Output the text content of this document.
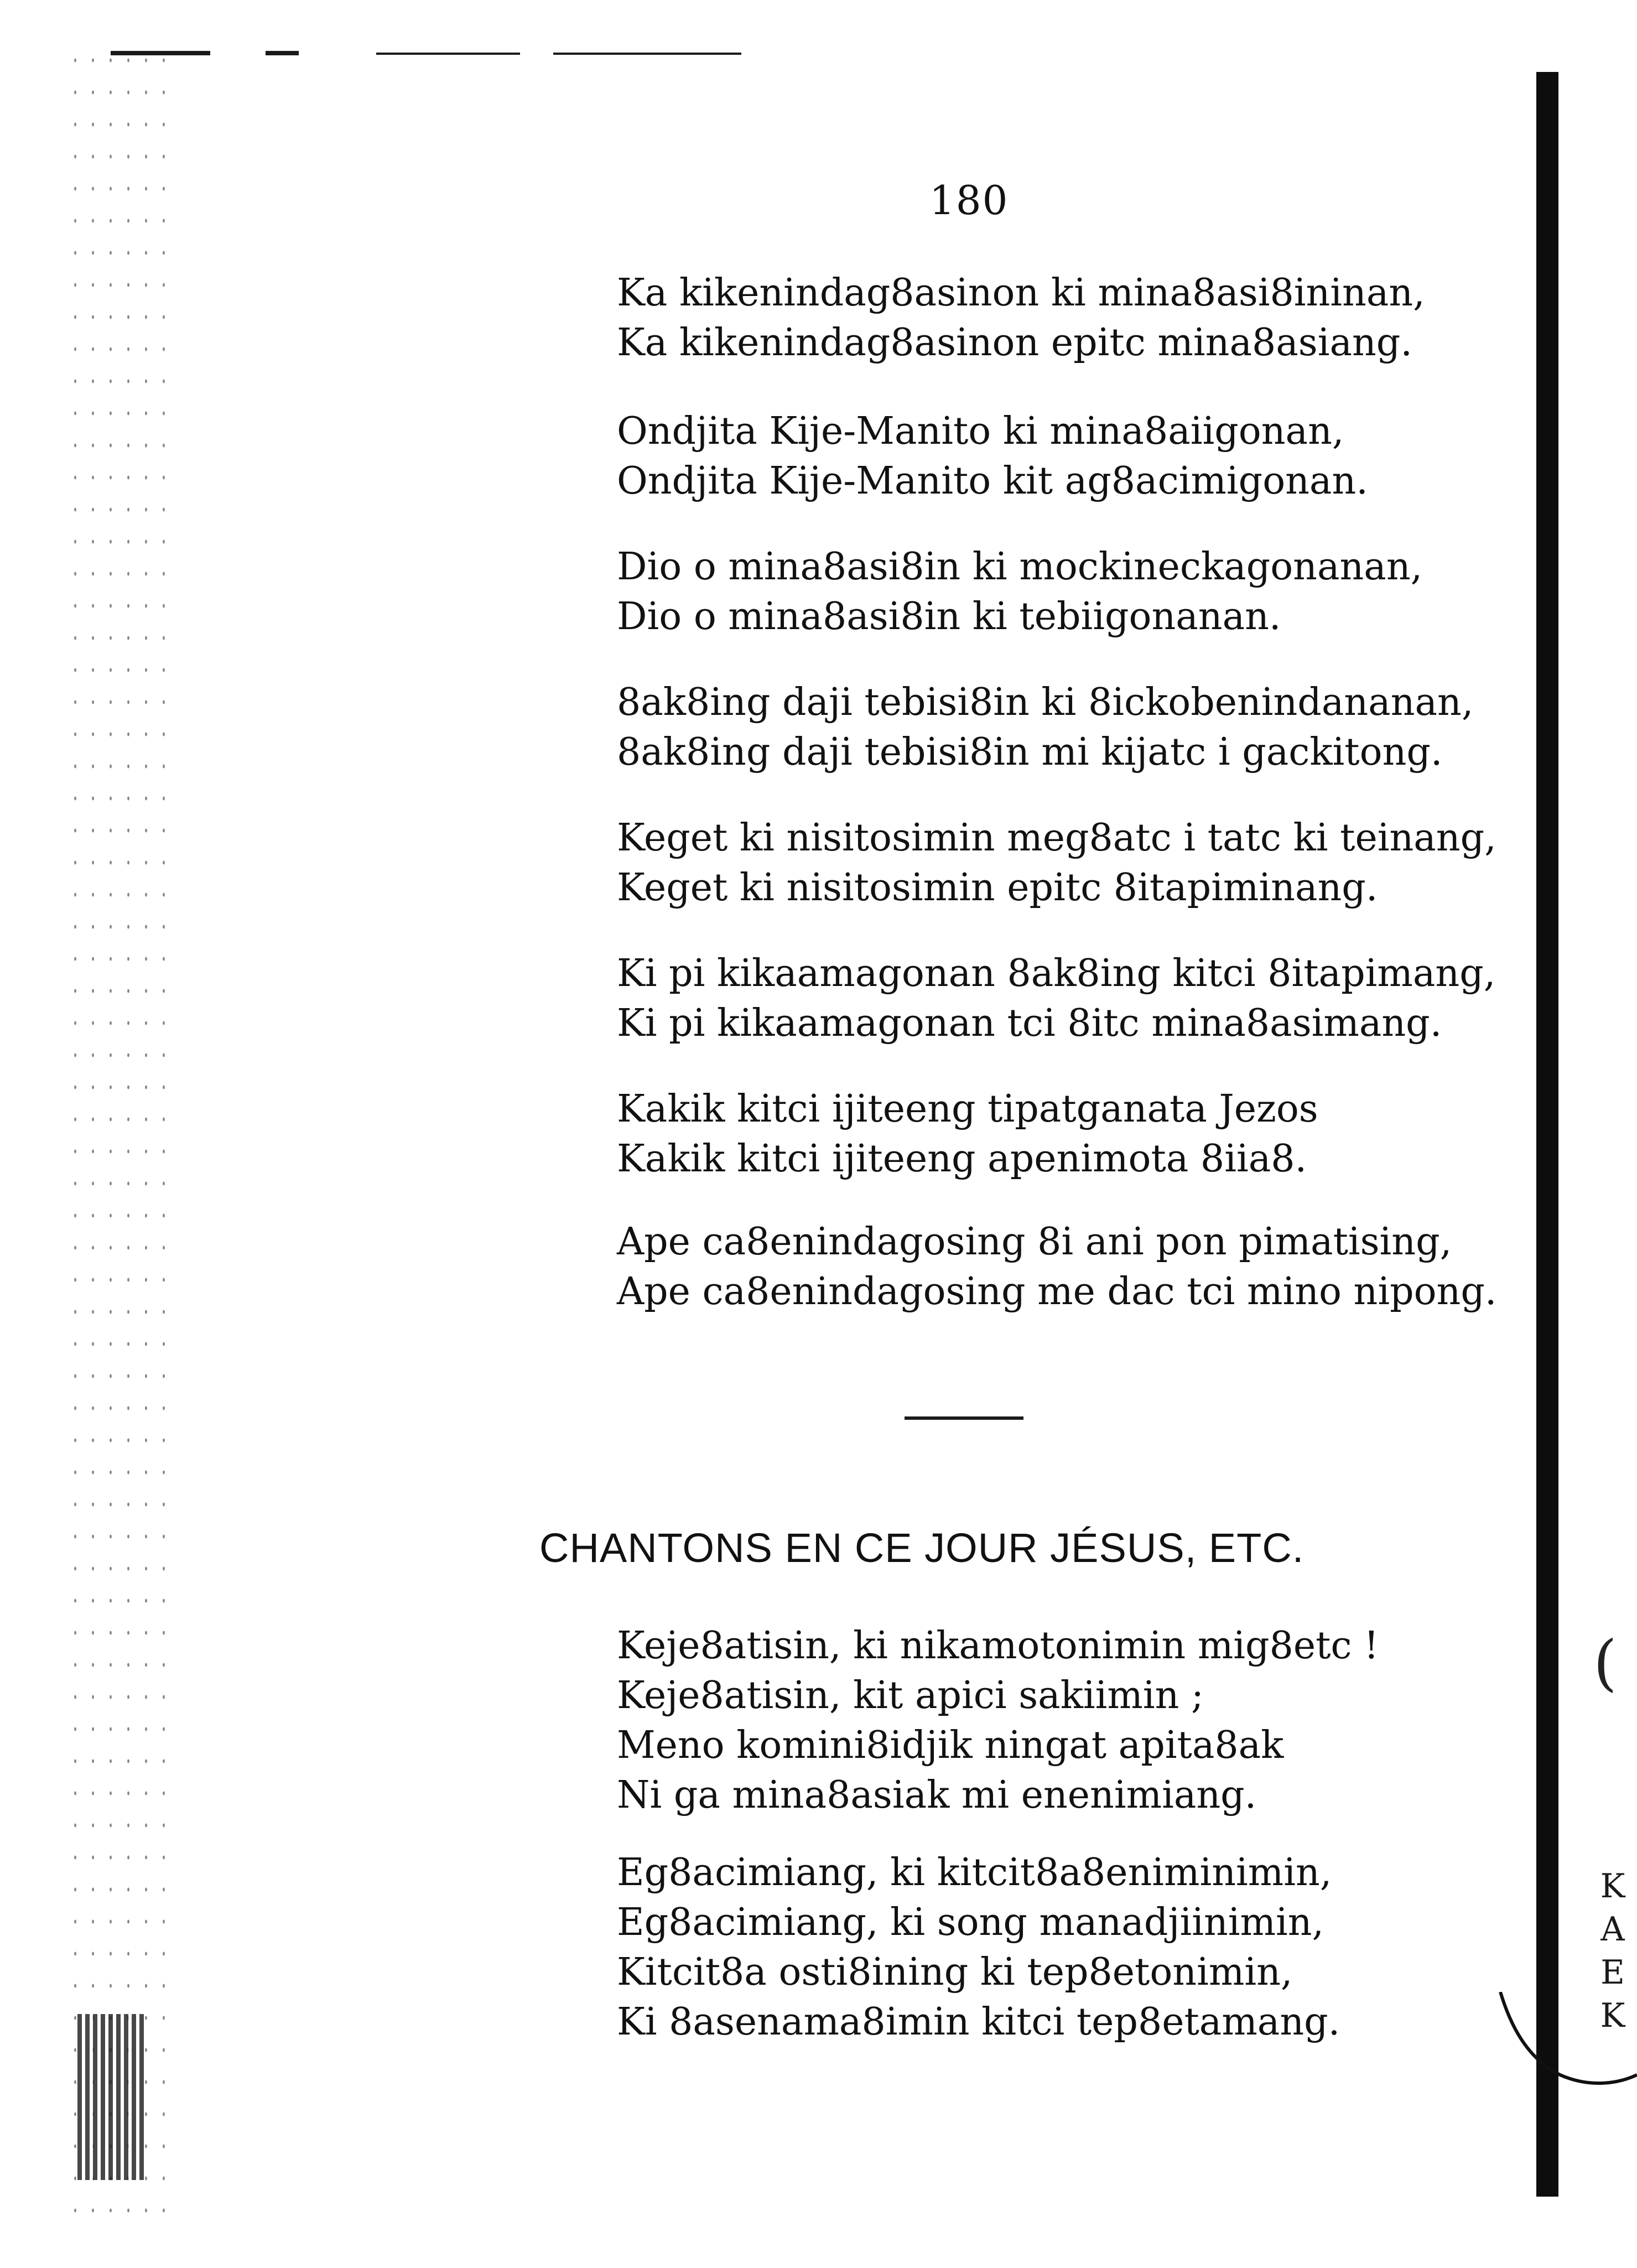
(
K
A
E
K
180
Ka kikenindag8asinon ki mina8asi8ininan,
Ka kikenindag8asinon epitc mina8asiang.
Ondjita Kije-Manito ki mina8aiigonan,
Ondjita Kije-Manito kit ag8acimigonan.
Dio o mina8asi8in ki mockineckagonanan,
Dio o mina8asi8in ki tebiigonanan.
8ak8ing daji tebisi8in ki 8ickobenindananan,
8ak8ing daji tebisi8in mi kijatc i gackitong.
Keget ki nisitosimin meg8atc i tatc ki teinang,
Keget ki nisitosimin epitc 8itapiminang.
Ki pi kikaamagonan 8ak8ing kitci 8itapimang,
Ki pi kikaamagonan tci 8itc mina8asimang.
Kakik kitci ijiteeng tipatganata Jezos
Kakik kitci ijiteeng apenimota 8iia8.
Ape ca8enindagosing 8i ani pon pimatising,
Ape ca8enindagosing me dac tci mino nipong.
CHANTONS EN CE JOUR JÉSUS, ETC.
Keje8atisin, ki nikamotonimin mig8etc !
Keje8atisin, kit apici sakiimin ;
Meno komini8idjik ningat apita8ak
Ni ga mina8asiak mi enenimiang.
Eg8acimiang, ki kitcit8a8eniminimin,
Eg8acimiang, ki song manadjiinimin,
Kitcit8a osti8ining ki tep8etonimin,
Ki 8asenama8imin kitci tep8etamang.
